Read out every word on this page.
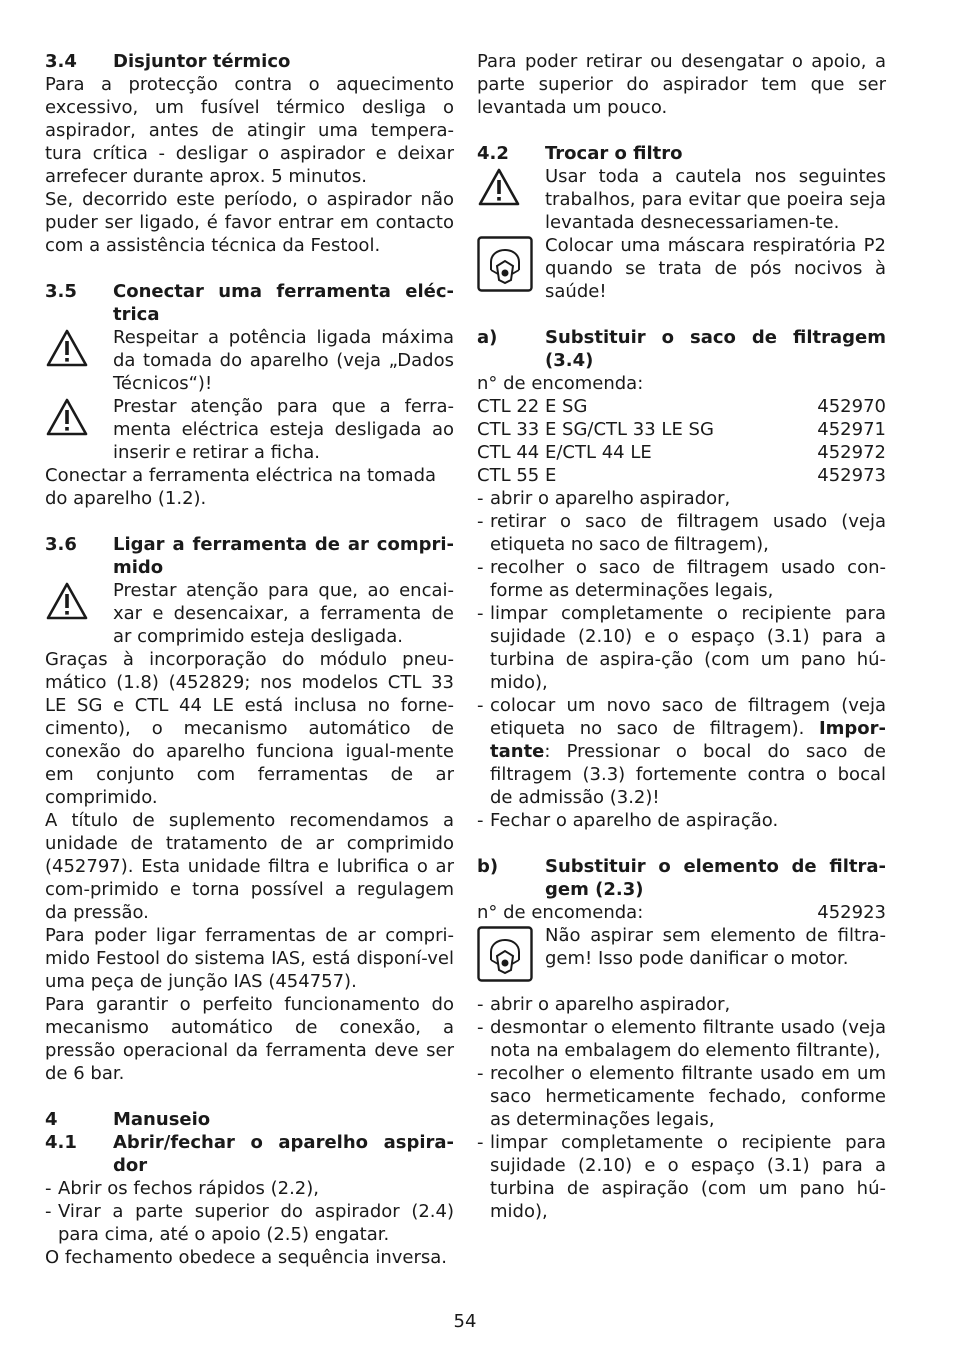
3.4	Disjuntor térmico

Para a protecção contra o aquecimento excessivo, um fusível térmico desliga o aspirador, antes de atingir uma tempera-tura crítica - desligar o aspirador e deixar arrefecer durante aprox. 5 minutos.

Se, decorrido este período, o aspirador não puder ser ligado, é favor entrar em contacto com a assistência técnica da Festool.

3.5	Conectar uma ferramenta eléc-trica
Respeitar a potência ligada máxima da tomada do aparelho (veja „Dados Técnicos“)!
Prestar atenção para que a ferra-menta eléctrica esteja desligada ao inserir e retirar a ficha.

Conectar a ferramenta eléctrica na tomada do aparelho (1.2).

3.6	Ligar a ferramenta de ar compri-mido
Prestar atenção para que, ao encai-xar e desencaixar, a ferramenta de ar comprimido esteja desligada.

Graças à incorporação do módulo pneu-mático (1.8) (452829; nos modelos CTL 33 LE SG e CTL 44 LE está inclusa no forne-cimento), o mecanismo automático de conexão do aparelho funciona igual-mente em conjunto com ferramentas de ar comprimido.

A título de suplemento recomendamos a unidade de tratamento de ar comprimido (452797). Esta unidade filtra e lubrifica o ar com-primido e torna possível a regulagem da pressão.

Para poder ligar ferramentas de ar compri-mido Festool do sistema IAS, está disponí-vel uma peça de junção IAS (454757).

Para garantir o perfeito funcionamento do mecanismo automático de conexão, a pressão operacional da ferramenta deve ser de 6 bar.

4	Manuseio
4.1	Abrir/fechar o aparelho aspira-dor
- Abrir os fechos rápidos (2.2),
- Virar a parte superior do aspirador (2.4) para cima, até o apoio (2.5) engatar.

O fechamento obedece a sequência inversa.

Para poder retirar ou desengatar o apoio, a parte superior do aspirador tem que ser levantada um pouco.

4.2	Trocar o filtro
Usar toda a cautela nos seguintes trabalhos, para evitar que poeira seja levantada desnecessariamen-te.
Colocar uma máscara respiratória P2 quando se trata de pós nocivos à saúde!
a)	Substituir o saco de filtragem (3.4)

n° de encomenda:

CTL 22 E SG	452970
CTL 33 E SG/CTL 33 LE SG	452971
CTL 44 E/CTL 44 LE	452972
CTL 55 E	452973
- abrir o aparelho aspirador,
- retirar o saco de filtragem usado (veja etiqueta no saco de filtragem),
- recolher o saco de filtragem usado con-forme as determinações legais,
- limpar completamente o recipiente para sujidade (2.10) e o espaço (3.1) para a turbina de aspira-ção (com um pano hú-mido),
- colocar um novo saco de filtragem (veja etiqueta no saco de filtragem). Impor-tante: Pressionar o bocal do saco de filtragem (3.3) fortemente contra o bocal de admissão (3.2)!
- Fechar o aparelho de aspiração.
b)	Substituir o elemento de filtra-gem (2.3)
n° de encomenda:	452923
Não aspirar sem elemento de filtra-gem! Isso pode danificar o motor.
- abrir o aparelho aspirador,
- desmontar o elemento filtrante usado (veja nota na embalagem do elemento filtrante),
- recolher o elemento filtrante usado em um saco hermeticamente fechado, conforme as determinações legais,
- limpar completamente o recipiente para sujidade (2.10) e o espaço (3.1) para a turbina de aspiração (com um pano hú-mido),
54
